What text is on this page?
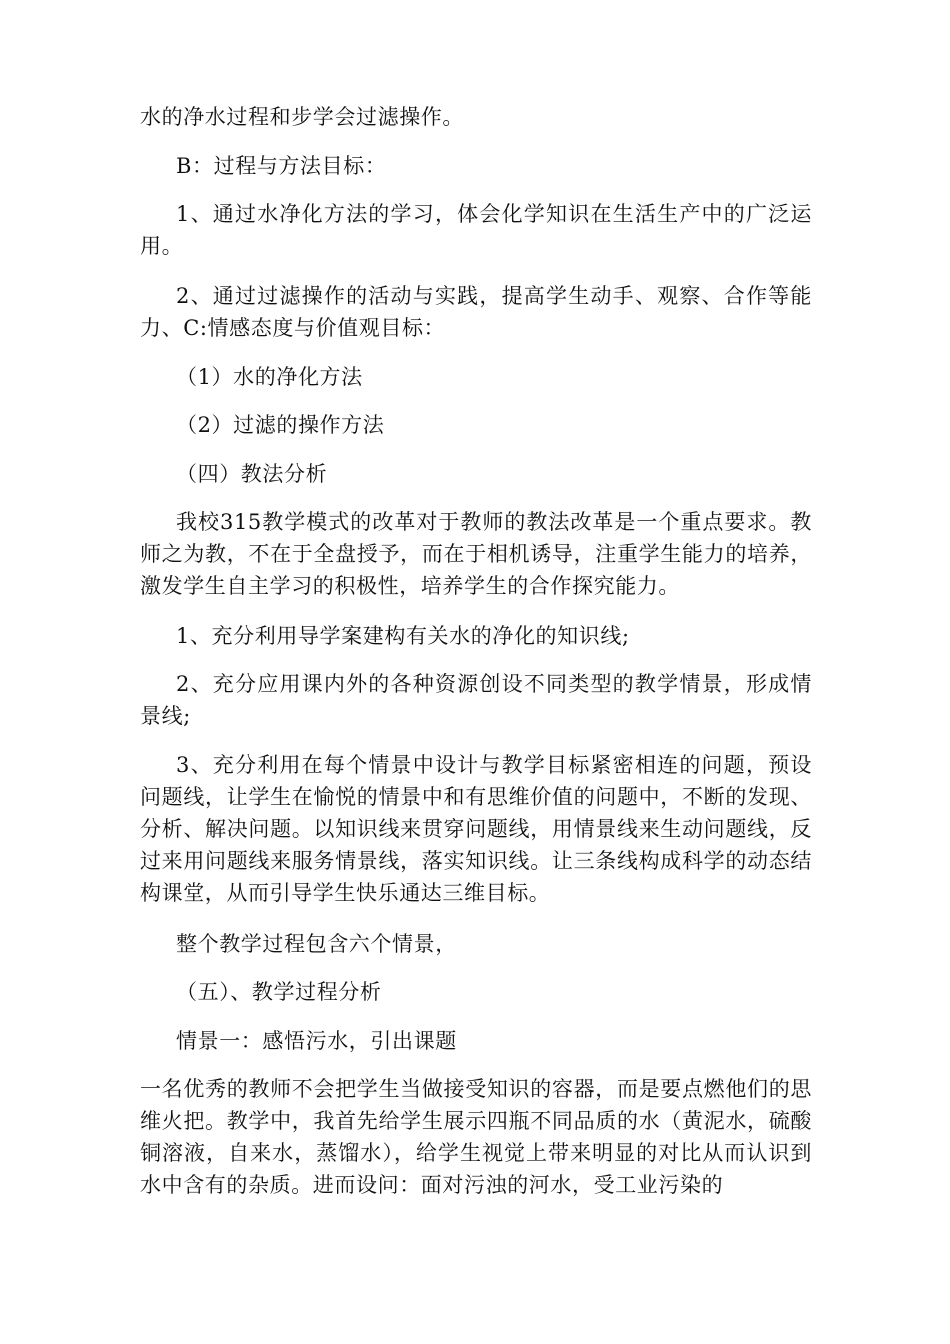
水的净水过程和步学会过滤操作。

B：过程与方法目标：

1、通过水净化方法的学习，体会化学知识在生活生产中的广泛运用。

2、通过过滤操作的活动与实践，提高学生动手、观察、合作等能力、C:情感态度与价值观目标：

（1）水的净化方法

（2）过滤的操作方法

（四）教法分析

我校315教学模式的改革对于教师的教法改革是一个重点要求。教师之为教，不在于全盘授予，而在于相机诱导，注重学生能力的培养，激发学生自主学习的积极性，培养学生的合作探究能力。

1、充分利用导学案建构有关水的净化的知识线;

2、充分应用课内外的各种资源创设不同类型的教学情景，形成情景线;

3、充分利用在每个情景中设计与教学目标紧密相连的问题，预设问题线，让学生在愉悦的情景中和有思维价值的问题中，不断的发现、分析、解决问题。以知识线来贯穿问题线，用情景线来生动问题线，反过来用问题线来服务情景线，落实知识线。让三条线构成科学的动态结构课堂，从而引导学生快乐通达三维目标。

整个教学过程包含六个情景，

（五）、教学过程分析

情景一：感悟污水，引出课题

一名优秀的教师不会把学生当做接受知识的容器，而是要点燃他们的思维火把。教学中，我首先给学生展示四瓶不同品质的水（黄泥水，硫酸铜溶液，自来水，蒸馏水），给学生视觉上带来明显的对比从而认识到水中含有的杂质。进而设问：面对污浊的河水，受工业污染的
